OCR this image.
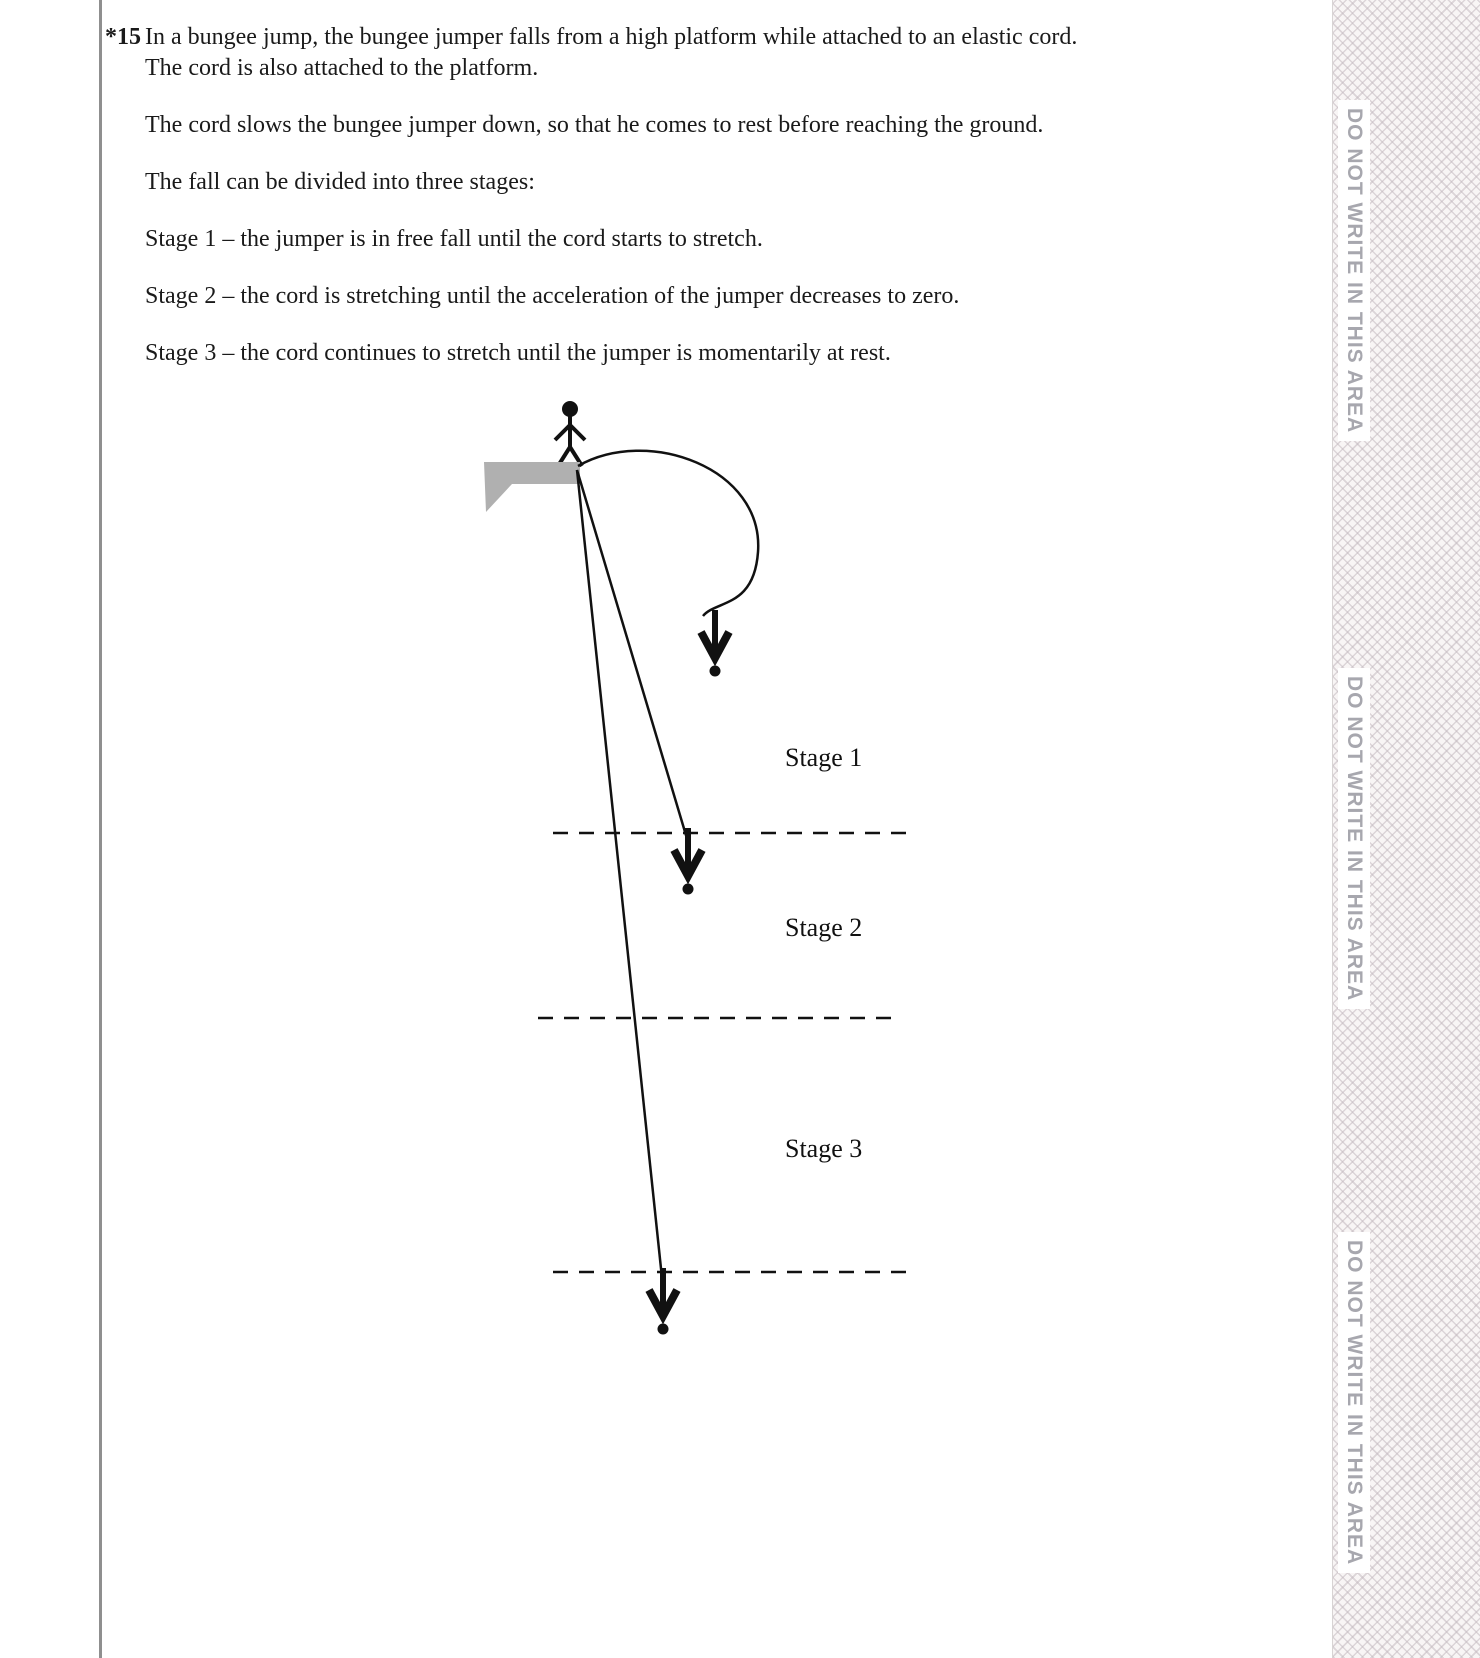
*15 In a bungee jump, the bungee jumper falls from a high platform while attached to an elastic cord. The cord is also attached to the platform.

The cord slows the bungee jumper down, so that he comes to rest before reaching the ground.

The fall can be divided into three stages:

Stage 1 – the jumper is in free fall until the cord starts to stretch.

Stage 2 – the cord is stretching until the acceleration of the jumper decreases to zero.

Stage 3 – the cord continues to stretch until the jumper is momentarily at rest.

Stage 1
Stage 2
Stage 3
DO NOT WRITE IN THIS AREA
DO NOT WRITE IN THIS AREA
DO NOT WRITE IN THIS AREA
